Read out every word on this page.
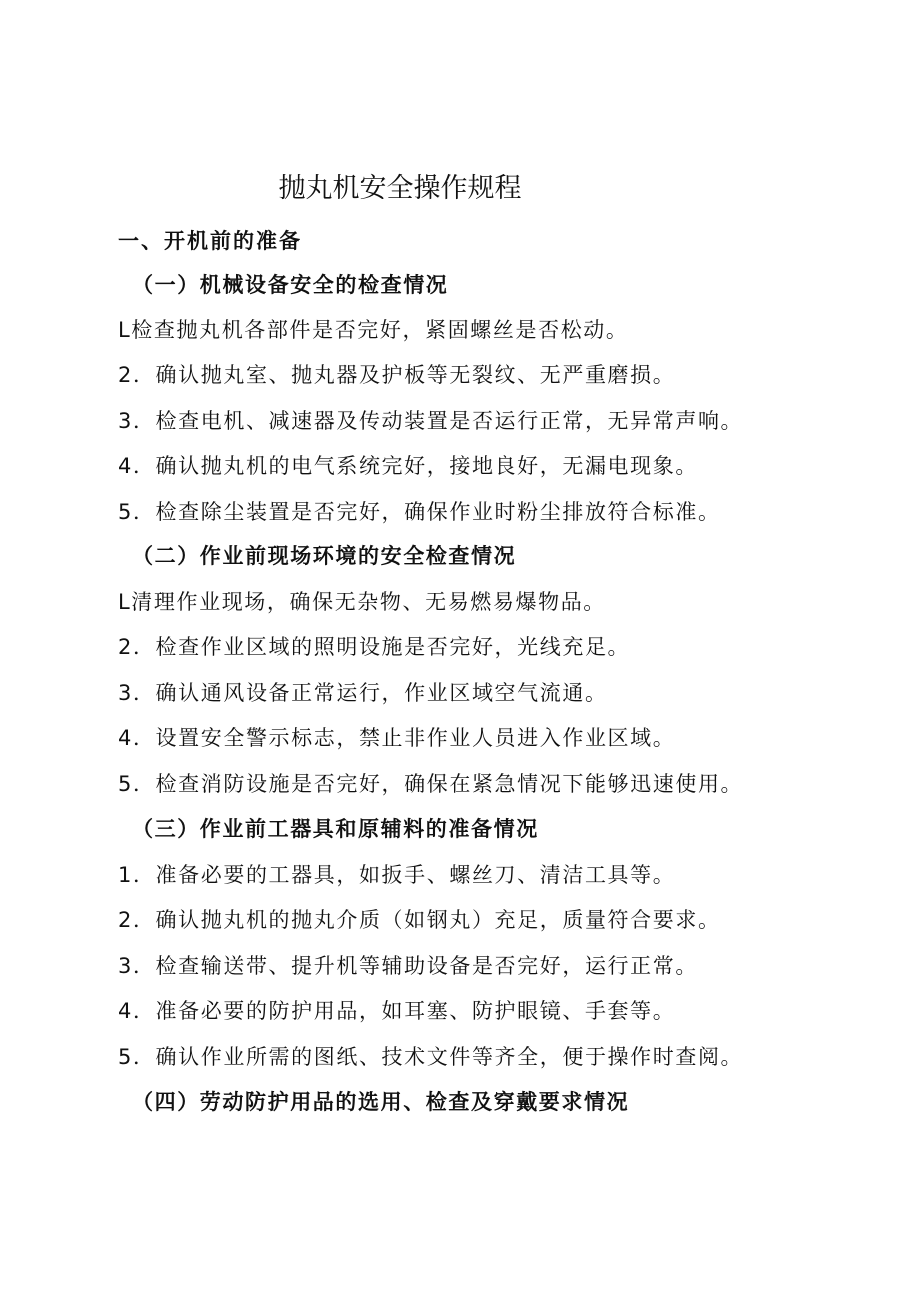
抛丸机安全操作规程
一、开机前的准备
（一）机械设备安全的检查情况
L检查抛丸机各部件是否完好，紧固螺丝是否松动。
2．确认抛丸室、抛丸器及护板等无裂纹、无严重磨损。
3．检查电机、减速器及传动装置是否运行正常，无异常声响。
4．确认抛丸机的电气系统完好，接地良好，无漏电现象。
5．检查除尘装置是否完好，确保作业时粉尘排放符合标准。
（二）作业前现场环境的安全检查情况
L清理作业现场，确保无杂物、无易燃易爆物品。
2．检查作业区域的照明设施是否完好，光线充足。
3．确认通风设备正常运行，作业区域空气流通。
4．设置安全警示标志，禁止非作业人员进入作业区域。
5．检查消防设施是否完好，确保在紧急情况下能够迅速使用。
（三）作业前工器具和原辅料的准备情况
1．准备必要的工器具，如扳手、螺丝刀、清洁工具等。
2．确认抛丸机的抛丸介质（如钢丸）充足，质量符合要求。
3．检查输送带、提升机等辅助设备是否完好，运行正常。
4．准备必要的防护用品，如耳塞、防护眼镜、手套等。
5．确认作业所需的图纸、技术文件等齐全，便于操作时查阅。
（四）劳动防护用品的选用、检查及穿戴要求情况
